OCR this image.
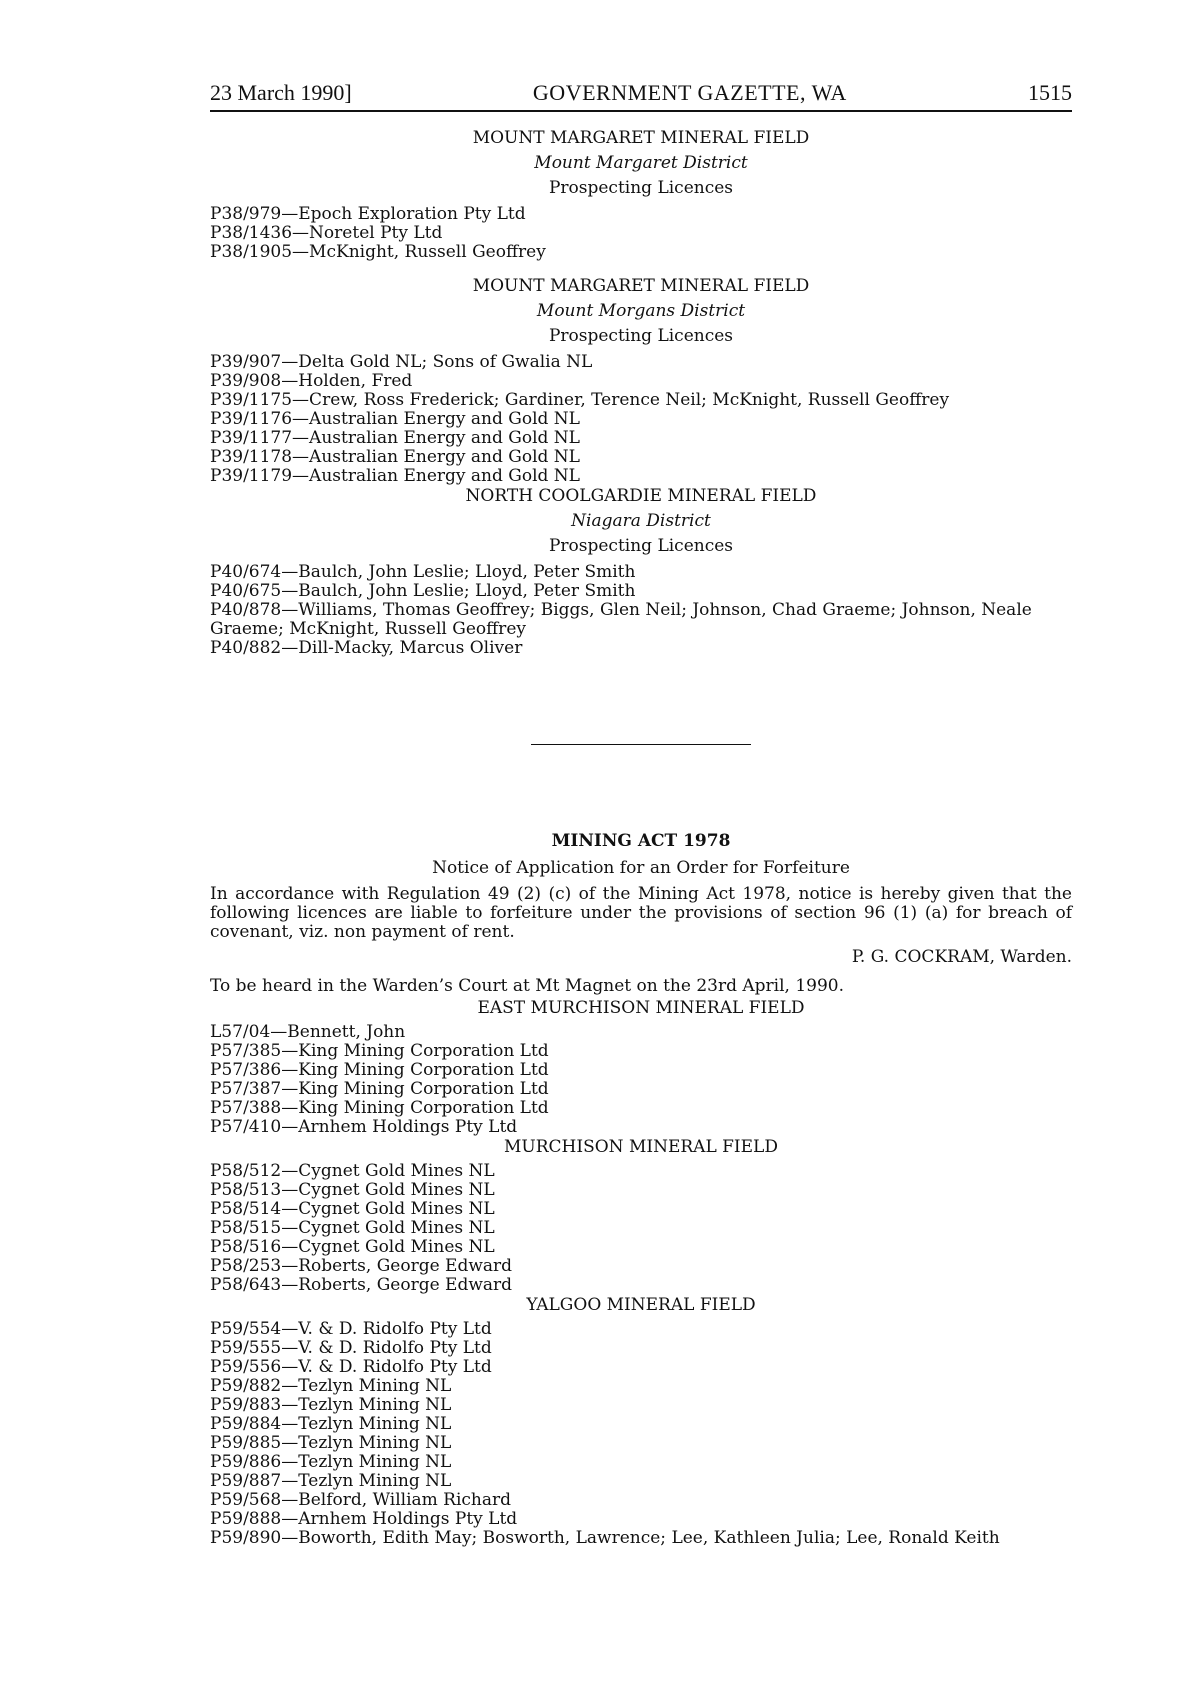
23 March 1990]	GOVERNMENT GAZETTE, WA	1515
MOUNT MARGARET MINERAL FIELD
Mount Margaret District
Prospecting Licences
P38/979—Epoch Exploration Pty Ltd
P38/1436—Noretel Pty Ltd
P38/1905—McKnight, Russell Geoffrey
MOUNT MARGARET MINERAL FIELD
Mount Morgans District
Prospecting Licences
P39/907—Delta Gold NL; Sons of Gwalia NL
P39/908—Holden, Fred
P39/1175—Crew, Ross Frederick; Gardiner, Terence Neil; McKnight, Russell Geoffrey
P39/1176—Australian Energy and Gold NL
P39/1177—Australian Energy and Gold NL
P39/1178—Australian Energy and Gold NL
P39/1179—Australian Energy and Gold NL
NORTH COOLGARDIE MINERAL FIELD
Niagara District
Prospecting Licences
P40/674—Baulch, John Leslie; Lloyd, Peter Smith
P40/675—Baulch, John Leslie; Lloyd, Peter Smith
P40/878—Williams, Thomas Geoffrey; Biggs, Glen Neil; Johnson, Chad Graeme; Johnson, Neale Graeme; McKnight, Russell Geoffrey
P40/882—Dill-Macky, Marcus Oliver
MINING ACT 1978
Notice of Application for an Order for Forfeiture
In accordance with Regulation 49 (2) (c) of the Mining Act 1978, notice is hereby given that the following licences are liable to forfeiture under the provisions of section 96 (1) (a) for breach of covenant, viz. non payment of rent.
P. G. COCKRAM, Warden.
To be heard in the Warden’s Court at Mt Magnet on the 23rd April, 1990.
EAST MURCHISON MINERAL FIELD
L57/04—Bennett, John
P57/385—King Mining Corporation Ltd
P57/386—King Mining Corporation Ltd
P57/387—King Mining Corporation Ltd
P57/388—King Mining Corporation Ltd
P57/410—Arnhem Holdings Pty Ltd
MURCHISON MINERAL FIELD
P58/512—Cygnet Gold Mines NL
P58/513—Cygnet Gold Mines NL
P58/514—Cygnet Gold Mines NL
P58/515—Cygnet Gold Mines NL
P58/516—Cygnet Gold Mines NL
P58/253—Roberts, George Edward
P58/643—Roberts, George Edward
YALGOO MINERAL FIELD
P59/554—V. & D. Ridolfo Pty Ltd
P59/555—V. & D. Ridolfo Pty Ltd
P59/556—V. & D. Ridolfo Pty Ltd
P59/882—Tezlyn Mining NL
P59/883—Tezlyn Mining NL
P59/884—Tezlyn Mining NL
P59/885—Tezlyn Mining NL
P59/886—Tezlyn Mining NL
P59/887—Tezlyn Mining NL
P59/568—Belford, William Richard
P59/888—Arnhem Holdings Pty Ltd
P59/890—Boworth, Edith May; Bosworth, Lawrence; Lee, Kathleen Julia; Lee, Ronald Keith
